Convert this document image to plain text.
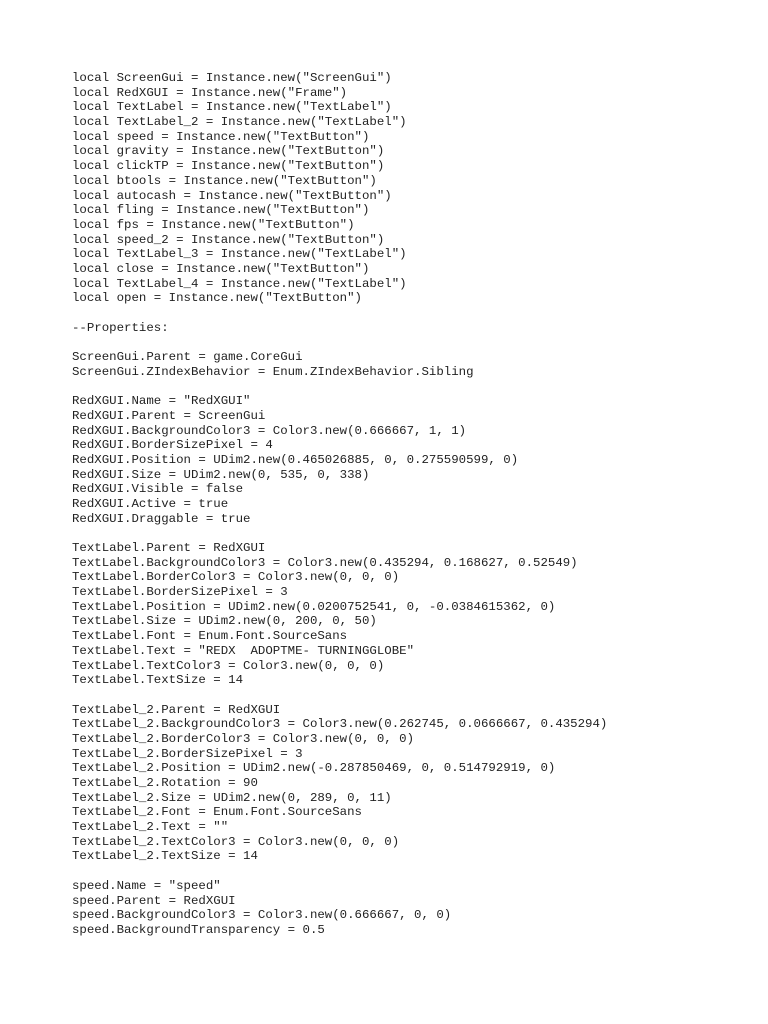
local ScreenGui = Instance.new("ScreenGui")
local RedXGUI = Instance.new("Frame")
local TextLabel = Instance.new("TextLabel")
local TextLabel_2 = Instance.new("TextLabel")
local speed = Instance.new("TextButton")
local gravity = Instance.new("TextButton")
local clickTP = Instance.new("TextButton")
local btools = Instance.new("TextButton")
local autocash = Instance.new("TextButton")
local fling = Instance.new("TextButton")
local fps = Instance.new("TextButton")
local speed_2 = Instance.new("TextButton")
local TextLabel_3 = Instance.new("TextLabel")
local close = Instance.new("TextButton")
local TextLabel_4 = Instance.new("TextLabel")
local open = Instance.new("TextButton")
--Properties:
ScreenGui.Parent = game.CoreGui
ScreenGui.ZIndexBehavior = Enum.ZIndexBehavior.Sibling
RedXGUI.Name = "RedXGUI"
RedXGUI.Parent = ScreenGui
RedXGUI.BackgroundColor3 = Color3.new(0.666667, 1, 1)
RedXGUI.BorderSizePixel = 4
RedXGUI.Position = UDim2.new(0.465026885, 0, 0.275590599, 0)
RedXGUI.Size = UDim2.new(0, 535, 0, 338)
RedXGUI.Visible = false
RedXGUI.Active = true
RedXGUI.Draggable = true
TextLabel.Parent = RedXGUI
TextLabel.BackgroundColor3 = Color3.new(0.435294, 0.168627, 0.52549)
TextLabel.BorderColor3 = Color3.new(0, 0, 0)
TextLabel.BorderSizePixel = 3
TextLabel.Position = UDim2.new(0.0200752541, 0, -0.0384615362, 0)
TextLabel.Size = UDim2.new(0, 200, 0, 50)
TextLabel.Font = Enum.Font.SourceSans
TextLabel.Text = "REDX  ADOPTME- TURNINGGLOBE"
TextLabel.TextColor3 = Color3.new(0, 0, 0)
TextLabel.TextSize = 14
TextLabel_2.Parent = RedXGUI
TextLabel_2.BackgroundColor3 = Color3.new(0.262745, 0.0666667, 0.435294)
TextLabel_2.BorderColor3 = Color3.new(0, 0, 0)
TextLabel_2.BorderSizePixel = 3
TextLabel_2.Position = UDim2.new(-0.287850469, 0, 0.514792919, 0)
TextLabel_2.Rotation = 90
TextLabel_2.Size = UDim2.new(0, 289, 0, 11)
TextLabel_2.Font = Enum.Font.SourceSans
TextLabel_2.Text = ""
TextLabel_2.TextColor3 = Color3.new(0, 0, 0)
TextLabel_2.TextSize = 14
speed.Name = "speed"
speed.Parent = RedXGUI
speed.BackgroundColor3 = Color3.new(0.666667, 0, 0)
speed.BackgroundTransparency = 0.5
